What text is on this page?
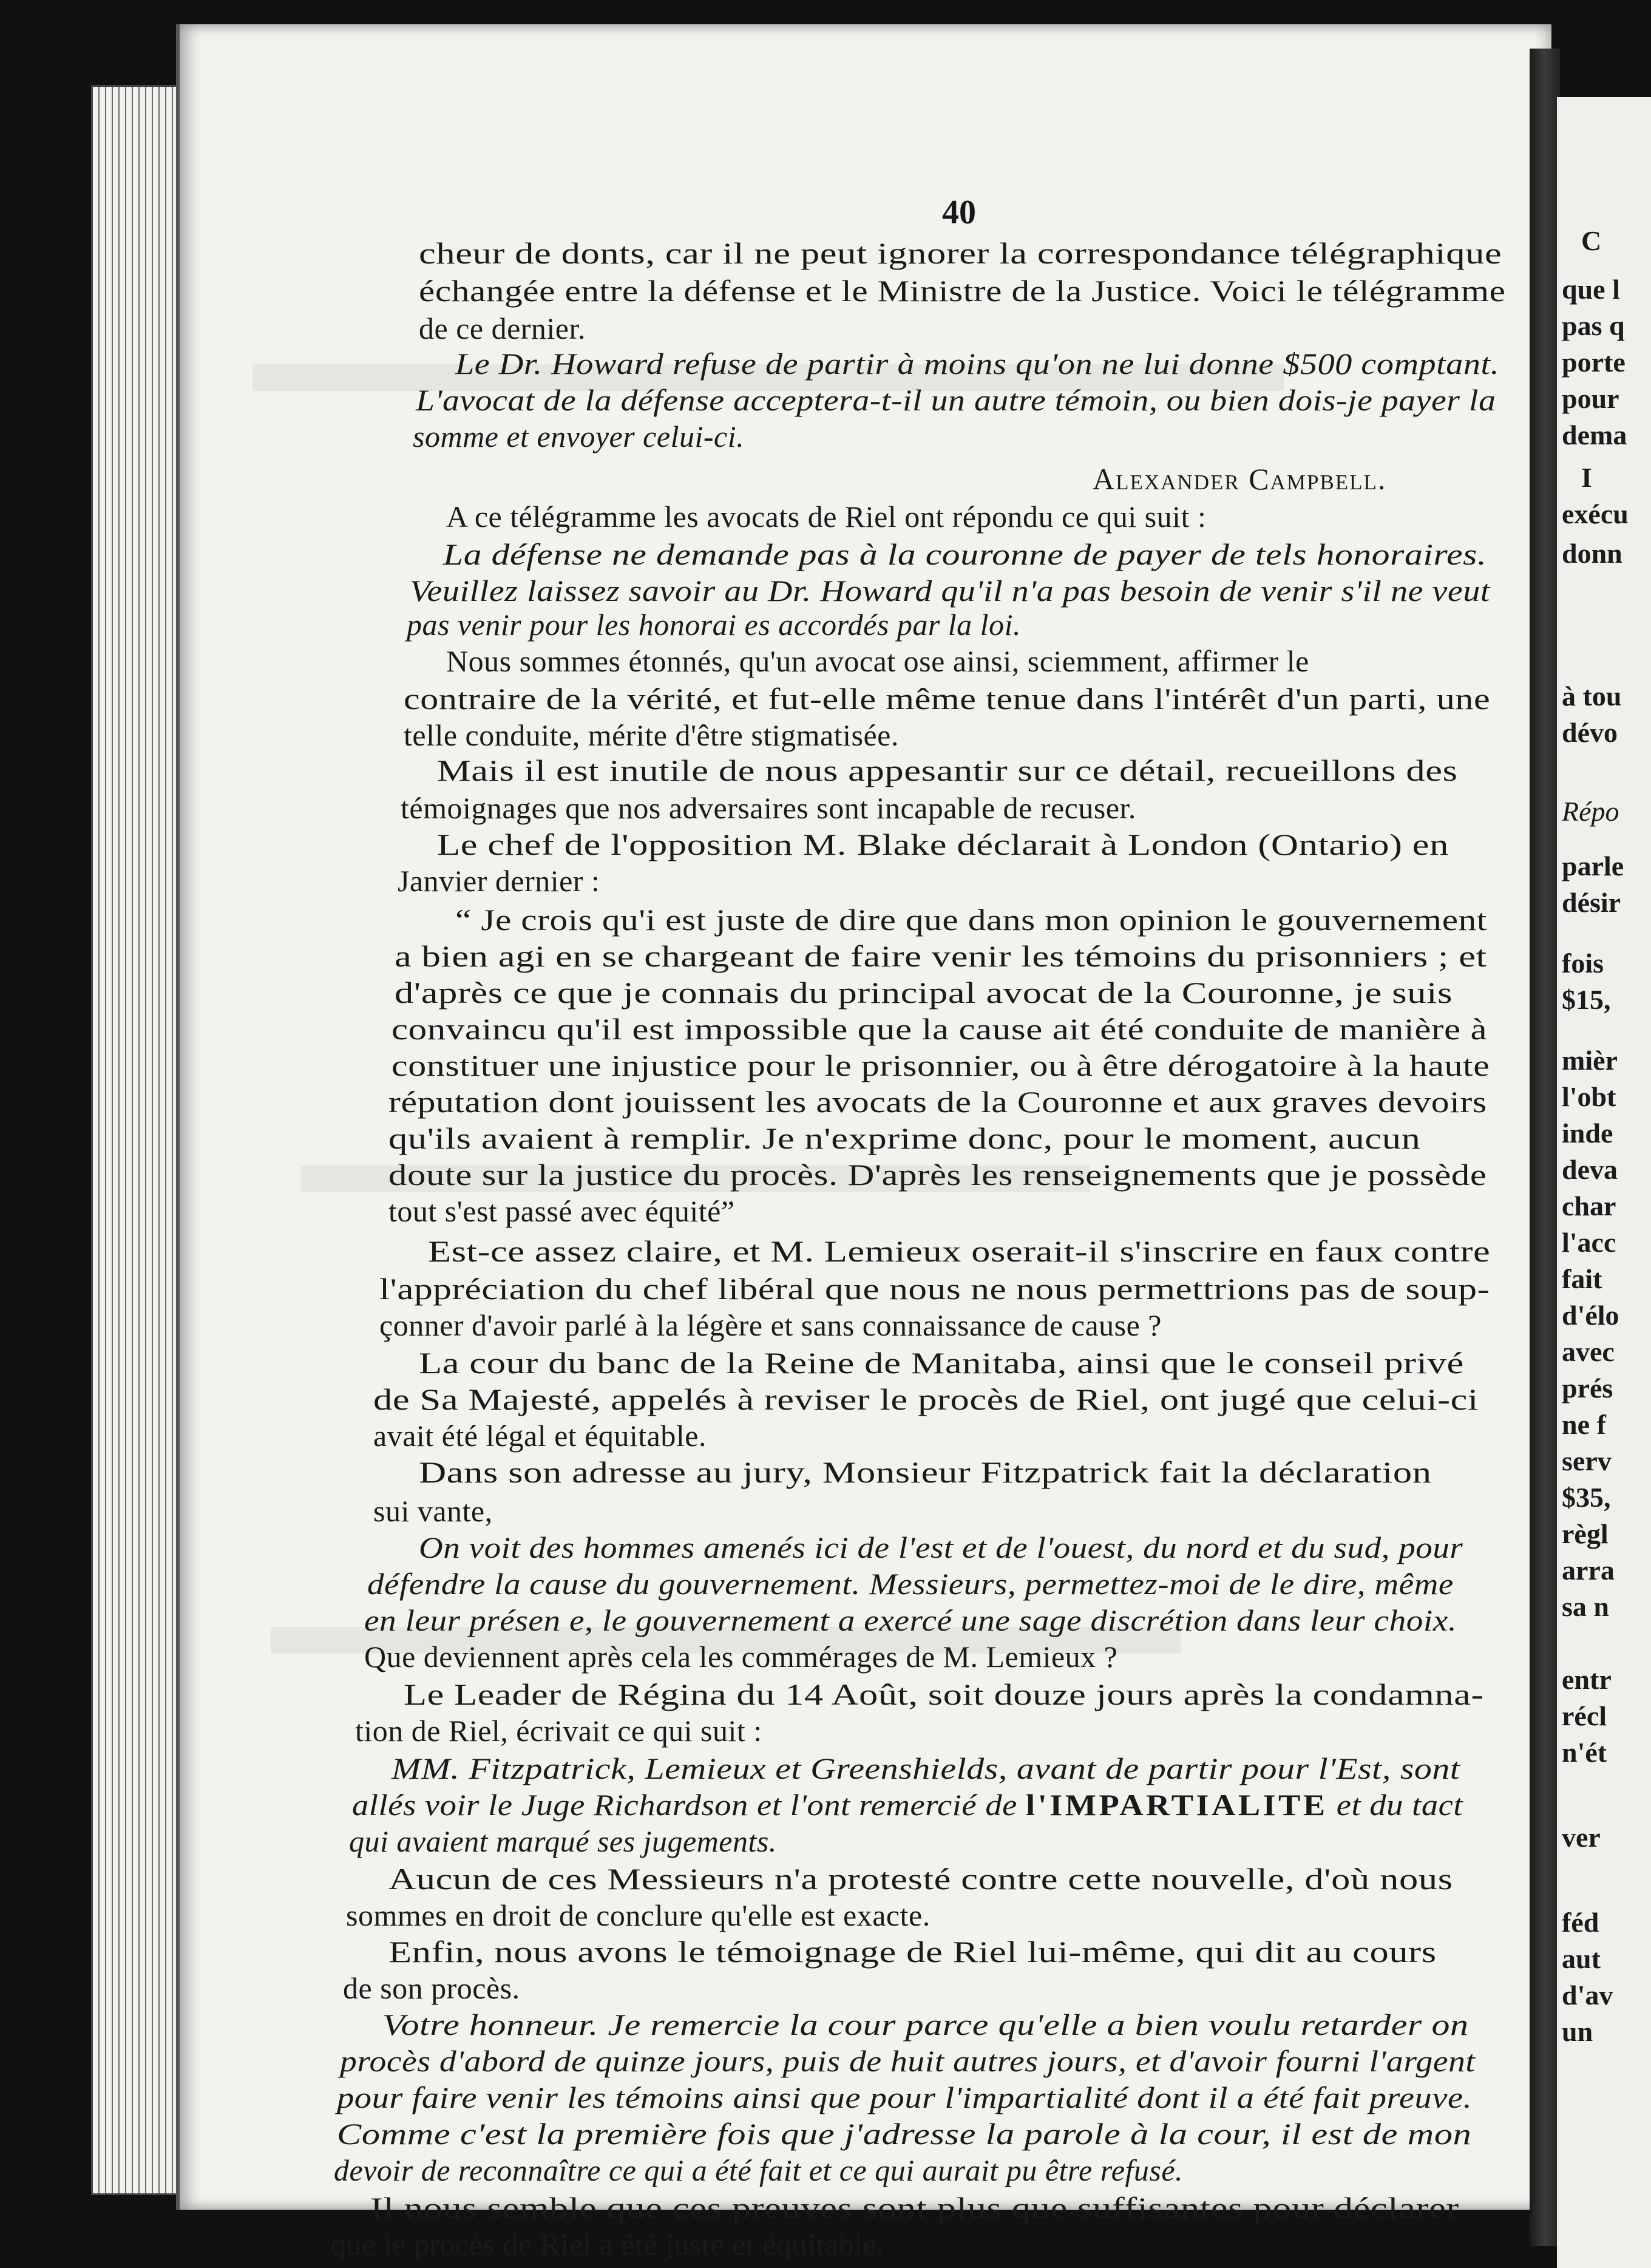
C
que l
pas q
porte
pour
dema
I
exécu
donn
à tou
dévo
Répo
parle
désir
fois
$15,
mièr
l'obt
inde
deva
char
l'acc
fait
d'élo
avec
prés
ne f
serv
$35,
règl
arra
sa n
entr
récl
n'ét
ver
féd
aut
d'av
un
40
cheur de donts, car il ne peut ignorer la correspondance télégraphique
échangée entre la défense et le Ministre de la Justice. Voici le télégramme
de ce dernier.
Le Dr. Howard refuse de partir à moins qu'on ne lui donne $500 comptant.
L'avocat de la défense accepterа-t-il un autre témoin, ou bien dois-je payer la
somme et envoyer celui-ci.
Alexander Campbell.
A ce télégramme les avocats de Riel ont répondu ce qui suit :
La défense ne demande pas à la couronne de payer de tels honoraires.
Veuillez laissez savoir au Dr. Howard qu'il n'a pas besoin de venir s'il ne veut
pas venir pour les honorai es accordés par la loi.
Nous sommes étonnés, qu'un avocat ose ainsi, sciemment, affirmer le
contraire de la vérité, et fut-elle même tenue dans l'intérêt d'un parti, une
telle conduite, mérite d'être stigmatisée.
Mais il est inutile de nous appesantir sur ce détail, recueillons des
témoignages que nos adversaires sont incapable de recuser.
Le chef de l'opposition M. Blake déclarait à London (Ontario) en
Janvier dernier :
“ Je crois qu'i est juste de dire que dans mon opinion le gouvernement
a bien agi en se chargeant de faire venir les témoins du prisonniers ; et
d'après ce que je connais du principal avocat de la Couronne, je suis
convaincu qu'il est impossible que la cause ait été conduite de manière à
constituer une injustice pour le prisonnier, ou à être dérogatoire à la haute
réputation dont jouissent les avocats de la Couronne et aux graves devoirs
qu'ils avaient à remplir. Je n'exprime donc, pour le moment, aucun
doute sur la justice du procès. D'après les renseignements que je possède
tout s'est passé avec équité”
Est-ce assez claire, et M. Lemieux oserait-il s'inscrire en faux contre
l'appréciation du chef libéral que nous ne nous permettrions pas de soup-
çonner d'avoir parlé à la légère et sans connaissance de cause ?
La cour du banc de la Reine de Manitaba, ainsi que le conseil privé
de Sa Majesté, appelés à reviser le procès de Riel, ont jugé que celui-ci
avait été légal et équitable.
Dans son adresse au jury, Monsieur Fitzpatrick fait la déclaration
sui vante,
On voit des hommes amenés ici de l'est et de l'ouest, du nord et du sud, pour
défendre la cause du gouvernement. Messieurs, permettez-moi de le dire, même
en leur présen e, le gouvernement a exercé une sage discrétion dans leur choix.
Que deviennent après cela les commérages de M. Lemieux ?
Le Leader de Régina du 14 Août, soit douze jours après la condamna-
tion de Riel, écrivait ce qui suit :
MM. Fitzpatrick, Lemieux et Greenshields, avant de partir pour l'Est, sont
allés voir le Juge Richardson et l'ont remercié de l'IMPARTIALITE et du tact
qui avaient marqué ses jugements.
Aucun de ces Messieurs n'a protesté contre cette nouvelle, d'où nous
sommes en droit de conclure qu'elle est exacte.
Enfin, nous avons le témoignage de Riel lui-même, qui dit au cours
de son procès.
Votre honneur. Je remercie la cour parce qu'elle a bien voulu retarder on
procès d'abord de quinze jours, puis de huit autres jours, et d'avoir fourni l'argent
pour faire venir les témoins ainsi que pour l'impartialité dont il a été fait preuve.
Comme c'est la première fois que j'adresse la parole à la cour, il est de mon
devoir de reconnaître ce qui a été fait et ce qui aurait pu être refusé.
Il nous semble que ces preuves sont plus que suffisantes pour déclarer
que le procès de Riel a été juste et équitable.
